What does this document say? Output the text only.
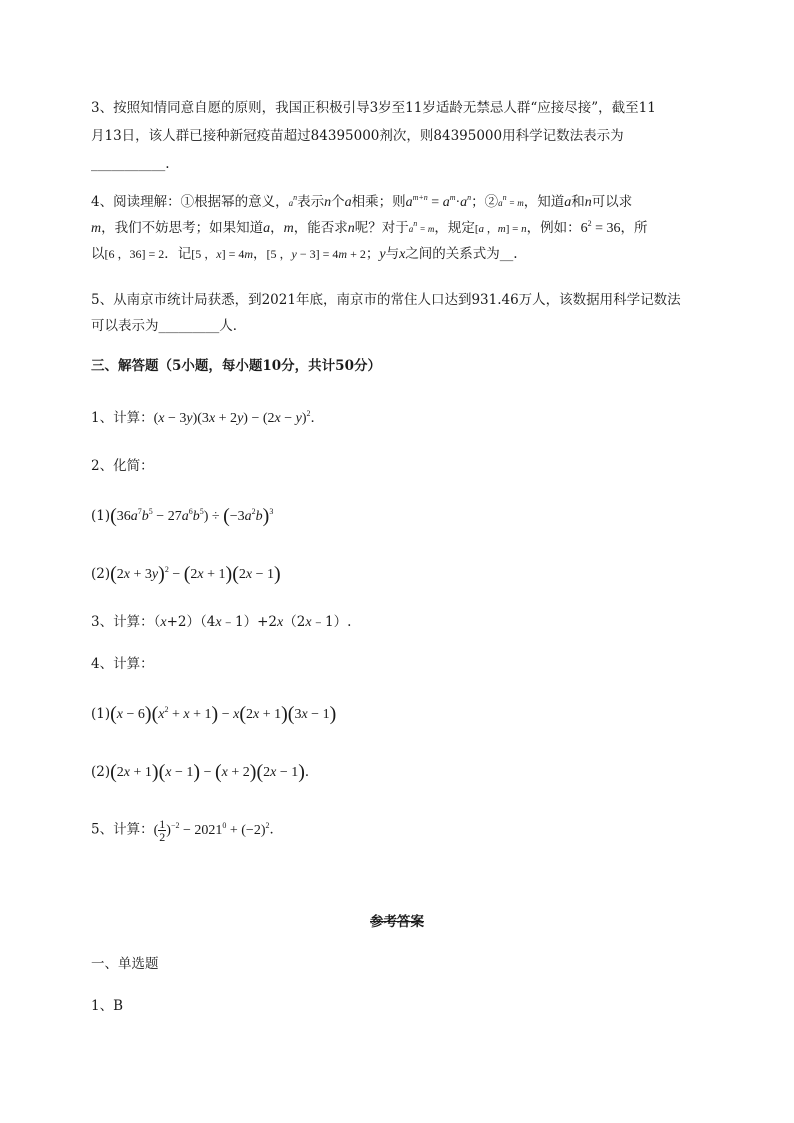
3、按照知情同意自愿的原则，我国正积极引导3岁至11岁适龄无禁忌人群“应接尽接”，截至11
月13日，该人群已接种新冠疫苗超过84395000剂次，则84395000用科学记数法表示为
___________.
4、阅读理解：①根据幂的意义，$a^n$表示n个a相乘；则$a^{m+n} = a^m\cdot a^n$；$②a^n = m$，知道a和n可以求
m，我们不妨思考；如果知道a，m，能否求n呢？对于$a^n = m$，规定[a ，m] = n，例如：$6^2 = 36$，所
以[6 ，36] = 2．记[5 ，x] = 4m，[5 ，y − 3] = 4m + 2；y与x之间的关系式为__.
5、从南京市统计局获悉，到2021年底，南京市的常住人口达到931.46万人，该数据用科学记数法
可以表示为_________人．
三、解答题（5小题，每小题10分，共计50分）
1、计算：$(x - 3y)(3x + 2y) - (2x - y)^2$．
2、化简：
$(1)(36a^7b^5 - 27a^6b^5) \div (-3a^2b)^3$
$(2)(2x + 3y)^2 - (2x + 1)(2x - 1)$
3、计算：（x+2）（4x﹣1）+2x（2x﹣1）.
4、计算：
$(1)(x - 6)(x^2 + x + 1) - x(2x + 1)(3x - 1)$
(2)(2x + 1)(x − 1) − (x + 2)(2x − 1)．
5、计算：( $\frac{1}{2} )^{-2} - 2021^0 + (-2)^2$．
参考答案
一、单选题
1、B
